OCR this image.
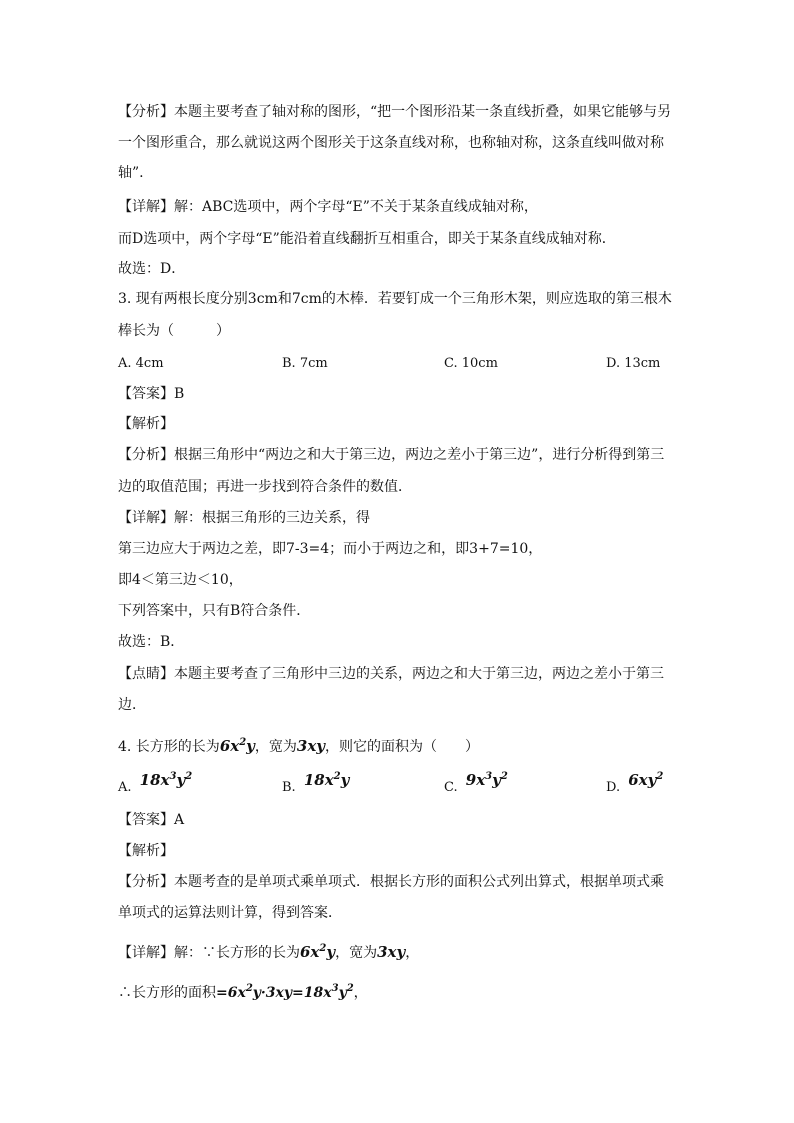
【分析】本题主要考查了轴对称的图形，“把一个图形沿某一条直线折叠，如果它能够与另
一个图形重合，那么就说这两个图形关于这条直线对称，也称轴对称，这条直线叫做对称
轴”.
【详解】解：ABC选项中，两个字母“E”不关于某条直线成轴对称，
而D选项中，两个字母“E”能沿着直线翻折互相重合，即关于某条直线成轴对称．
故选：D．
3. 现有两根长度分别3cm和7cm的木棒．若要钉成一个三角形木架，则应选取的第三根木
棒长为（　　　）
A. 4cm	B. 7cm	C. 10cm	D. 13cm
【答案】B
【解析】
【分析】根据三角形中“两边之和大于第三边，两边之差小于第三边”，进行分析得到第三
边的取值范围；再进一步找到符合条件的数值．
【详解】解：根据三角形的三边关系，得
第三边应大于两边之差，即7-3=4；而小于两边之和，即3+7=10，
即4＜第三边＜10，
下列答案中，只有B符合条件．
故选：B．
【点睛】本题主要考查了三角形中三边的关系，两边之和大于第三边，两边之差小于第三
边．
4. 长方形的长为$6x^2y$，宽为3xy，则它的面积为（　　）
A. $18x^3y^2$
B. $18x^2y$	C. $9x^3y^2$
D. $6xy^2$
【答案】A
【解析】
【分析】本题考查的是单项式乘单项式．根据长方形的面积公式列出算式，根据单项式乘
单项式的运算法则计算，得到答案．
【详解】解：∵长方形的长为$6x^2y$，宽为3xy，
∴长方形的面积$=6x^2y\cdot 3xy=18x^3y^2$，
